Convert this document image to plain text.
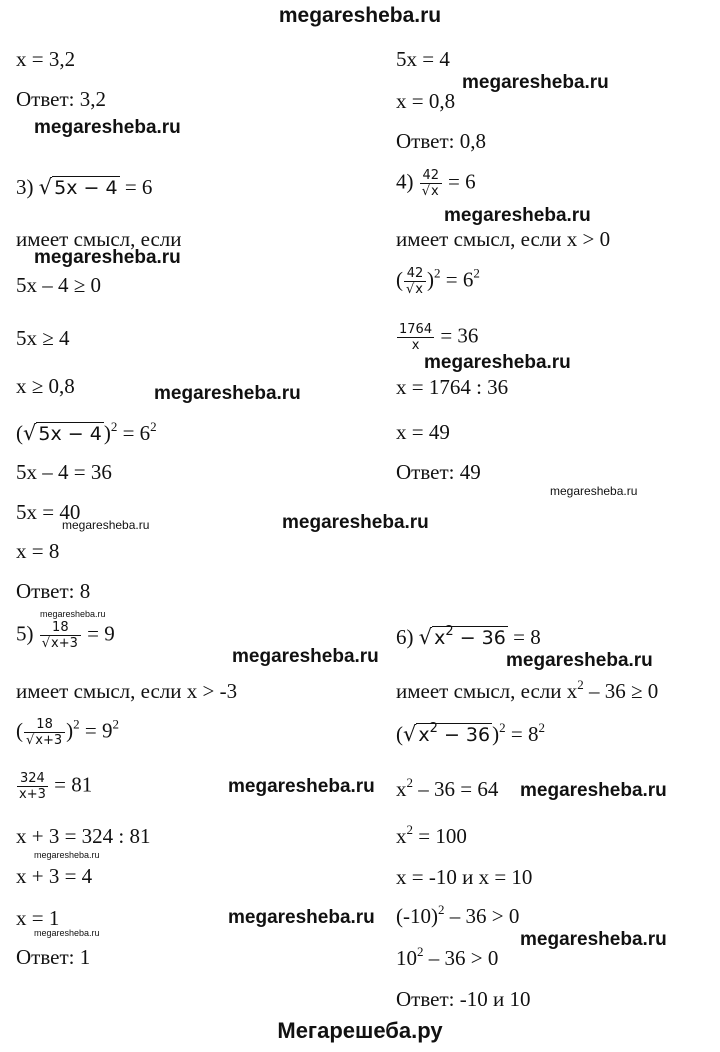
megaresheba.ru
Мегарешеба.ру
x = 3,2
Ответ: 3,2
3) √ 5x − 4 = 6
имеет смысл, если
5x – 4 ≥ 0
5x ≥ 4
x ≥ 0,8
(√ $5x - 4)^2 = 6^2$
5x – 4 = 36
5x = 40
x = 8
Ответ: 8
$5) \frac{18}{√x+3} = 9$
имеет смысл, если x > -3
( $\frac{18}{√x+3} )^2 = 9^2$
$\frac{324}{x+3} = 81$
x + 3 = 324 : 81
x + 3 = 4
x = 1
Ответ: 1
5x = 4
x = 0,8
Ответ: 0,8
$4) \frac{42}{√x} = 6$
имеет смысл, если x > 0
( $\frac{42}{√x} )^2 = 6^2$
$\frac{1764}{x} = 36$
x = 1764 : 36
x = 49
Ответ: 49
6) √ $x^2 - 36 = 8$
имеет смысл, если $x^2 - 36 \ge 0$
(√ $x^2 - 36)^2 = 8^2$
$x^2 - 36 = 64$
$x^2 = 100$
x = -10 и x = 10
$(-10)^2 - 36 > 0$
$10^2 - 36 > 0$
Ответ: -10 и 10
megaresheba.ru
megaresheba.ru
megaresheba.ru
megaresheba.ru
megaresheba.ru
megaresheba.ru
megaresheba.ru
megaresheba.ru
megaresheba.ru
megaresheba.ru
megaresheba.ru	megaresheba.ru
megaresheba.ru	megaresheba.ru
megaresheba.ru
megaresheba.ru
megaresheba.ru	megaresheba.ru
